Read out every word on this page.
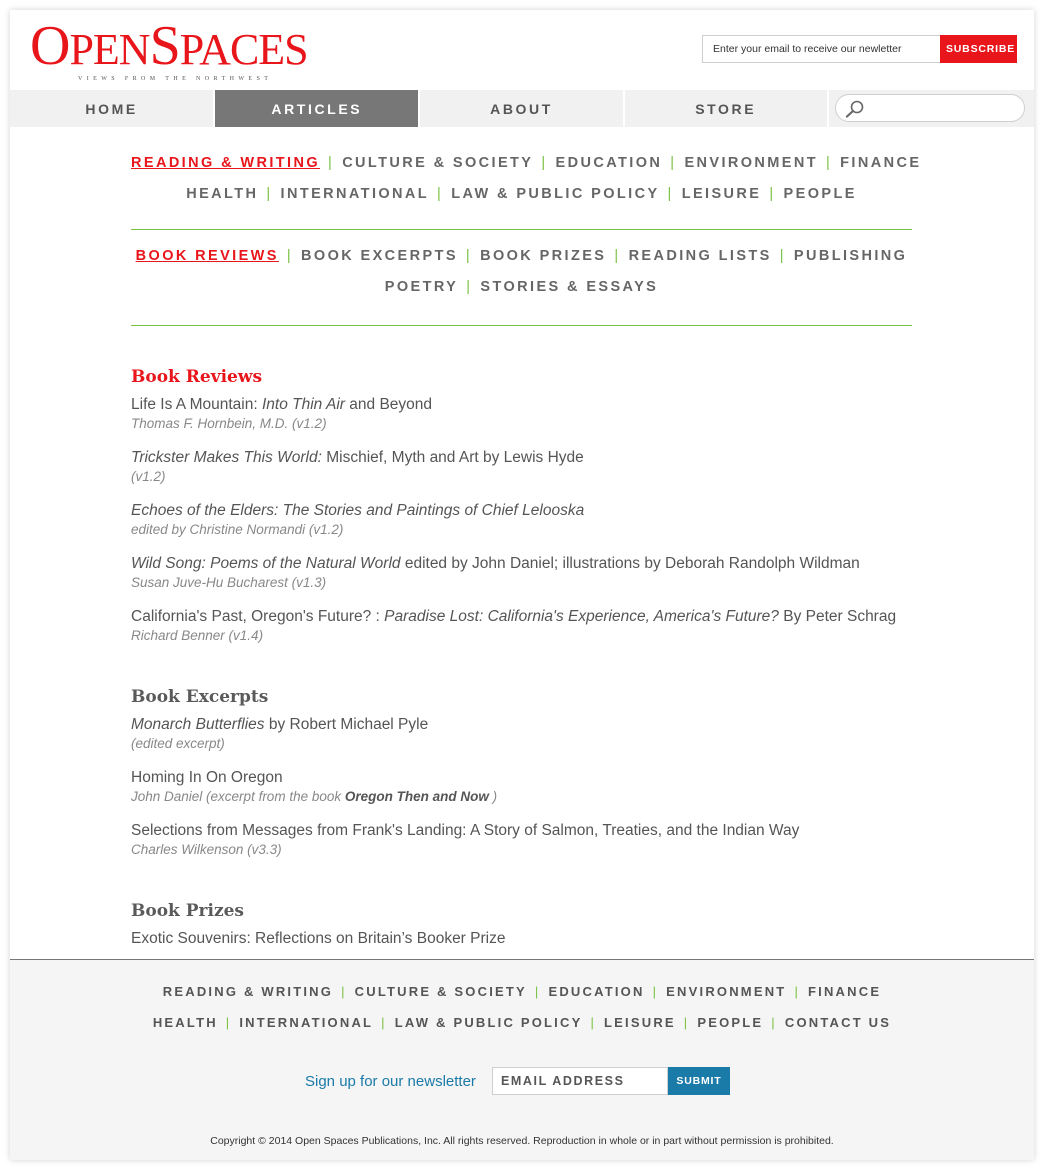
OPENSPACES
VIEWS FROM THE NORTHWEST
Enter your email to receive our newletter
SUBSCRIBE
HOME	ARTICLES	ABOUT	STORE
READING & WRITING | CULTURE & SOCIETY | EDUCATION | ENVIRONMENT | FINANCE
HEALTH | INTERNATIONAL | LAW & PUBLIC POLICY | LEISURE | PEOPLE
BOOK REVIEWS | BOOK EXCERPTS | BOOK PRIZES | READING LISTS | PUBLISHING
POETRY | STORIES & ESSAYS
Book Reviews
Life Is A Mountain: Into Thin Air and Beyond
Thomas F. Hornbein, M.D. (v1.2)
Trickster Makes This World: Mischief, Myth and Art by Lewis Hyde
(v1.2)
Echoes of the Elders: The Stories and Paintings of Chief Lelooska
edited by Christine Normandi (v1.2)
Wild Song: Poems of the Natural World edited by John Daniel; illustrations by Deborah Randolph Wildman
Susan Juve-Hu Bucharest (v1.3)
California's Past, Oregon's Future? : Paradise Lost: California's Experience, America's Future? By Peter Schrag
Richard Benner (v1.4)
Book Excerpts
Monarch Butterflies by Robert Michael Pyle
(edited excerpt)
Homing In On Oregon
John Daniel (excerpt from the book Oregon Then and Now )
Selections from Messages from Frank's Landing: A Story of Salmon, Treaties, and the Indian Way
Charles Wilkenson (v3.3)
Book Prizes
Exotic Souvenirs: Reflections on Britain’s Booker Prize
READING & WRITING | CULTURE & SOCIETY | EDUCATION | ENVIRONMENT | FINANCE
HEALTH | INTERNATIONAL | LAW & PUBLIC POLICY | LEISURE | PEOPLE | CONTACT US
Sign up for our newsletter
EMAIL ADDRESS	SUBMIT
Copyright © 2014 Open Spaces Publications, Inc. All rights reserved. Reproduction in whole or in part without permission is prohibited.
